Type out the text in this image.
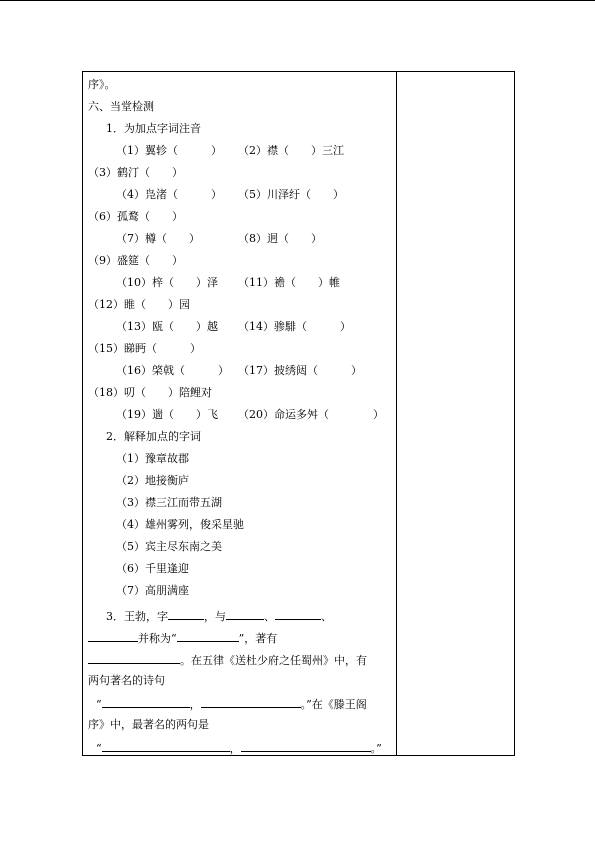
序》。
六、当堂检测
1．为加点字词注音
（1）翼轸（　　　） （2）襟（　　）三江
（3）鹤汀（　　）
（4）凫渚（　　　） （5）川泽纡（　　）
（6）孤鹜（　　）
（7）樽（　　）	（8）迥（　　）
（9）盛筵（　　）
（10）梓（　　）泽 （11）襜（　　）帷
（12）睢（　　）园
（13）瓯（　　）越 （14）骖騑（　　　）
（15）睇眄（　　　）
（16）棨戟（　　　） （17）披绣闼（　　　）
（18）叨（　　）陪鲤对
（19）遄（　　）飞 （20）命运多舛（　　　　）
2．解释加点的字词
（1）豫章故郡
（2）地接衡庐
（3）襟三江而带五湖
（4）雄州雾列，俊采星驰
（5）宾主尽东南之美
（6）千里逢迎
（7）高朋满座
3．王勃，字	，与	、	、
并称为“	”，著有
。在五律《送杜少府之任蜀州》中，有
两句著名的诗句
“	，	。”在《滕王阁
序》中，最著名的两句是
“	，	。”
